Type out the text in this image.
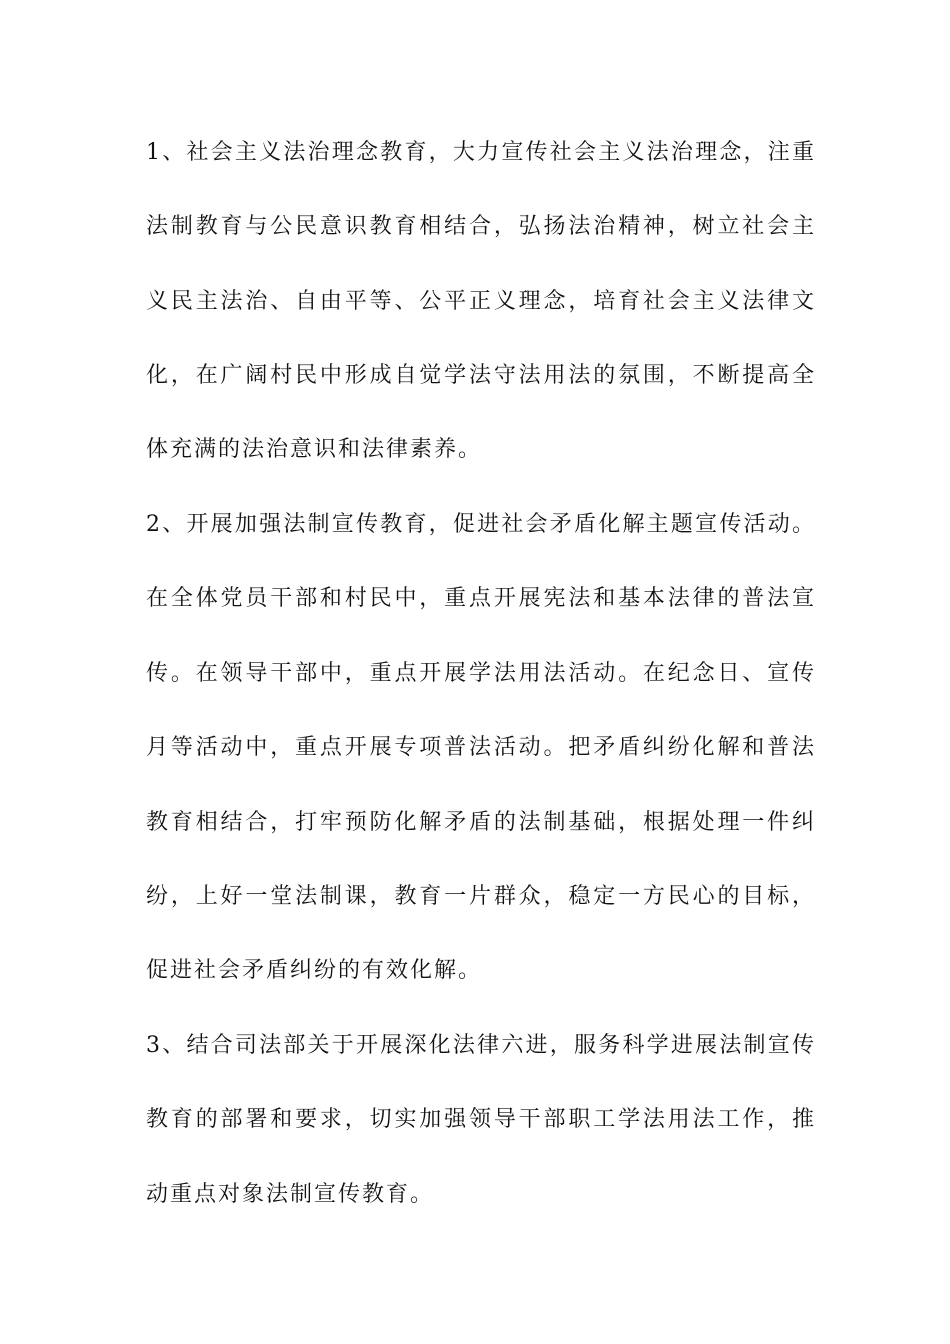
1、社会主义法治理念教育，大力宣传社会主义法治理念，注重
法制教育与公民意识教育相结合，弘扬法治精神，树立社会主
义民主法治、自由平等、公平正义理念，培育社会主义法律文
化，在广阔村民中形成自觉学法守法用法的氛围，不断提高全
体充满的法治意识和法律素养。
2、开展加强法制宣传教育，促进社会矛盾化解主题宣传活动。
在全体党员干部和村民中，重点开展宪法和基本法律的普法宣
传。在领导干部中，重点开展学法用法活动。在纪念日、宣传
月等活动中，重点开展专项普法活动。把矛盾纠纷化解和普法
教育相结合，打牢预防化解矛盾的法制基础，根据处理一件纠
纷，上好一堂法制课，教育一片群众，稳定一方民心的目标，
促进社会矛盾纠纷的有效化解。
3、结合司法部关于开展深化法律六进，服务科学进展法制宣传
教育的部署和要求，切实加强领导干部职工学法用法工作，推
动重点对象法制宣传教育。
